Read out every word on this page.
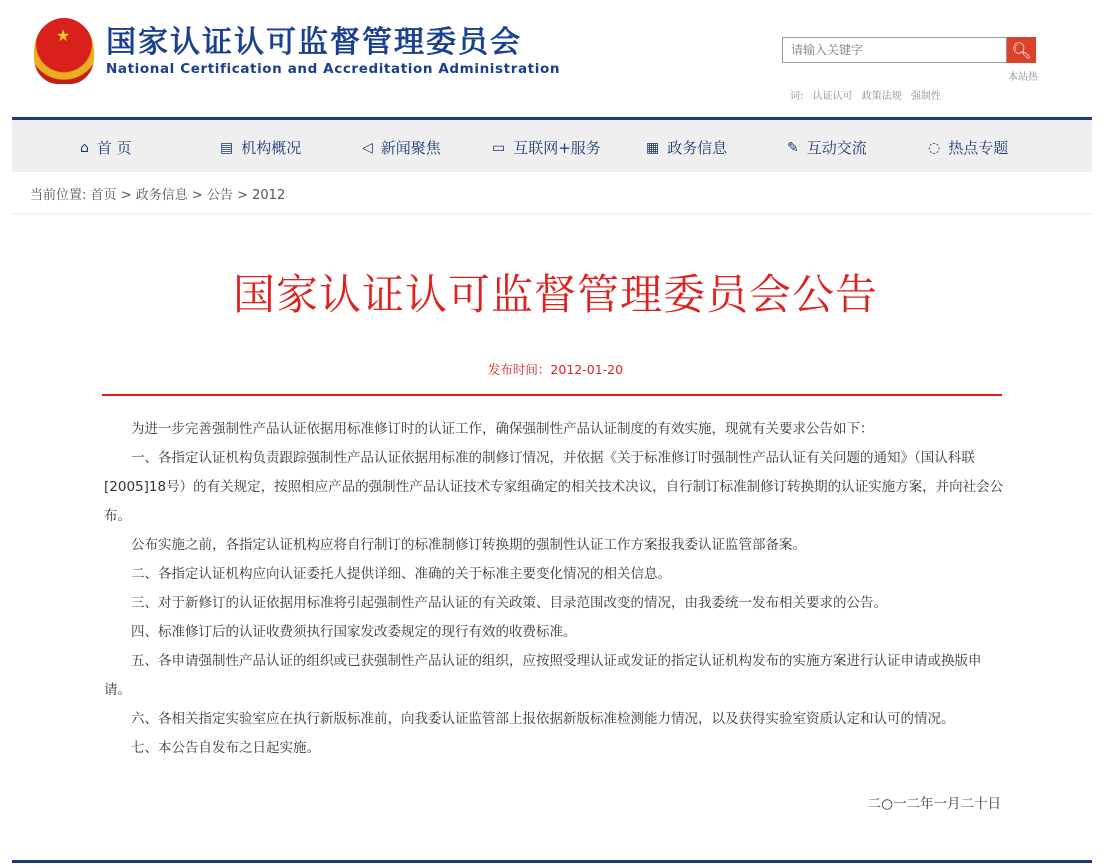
★ 国家认证认可监督管理委员会
National Certification and Accreditation Administration
请输入关键字
🔍︎
本站热
词: 认证认可 政策法规 强制性
⌂ 首 页	▤ 机构概况	◁ 新闻聚焦	▭ 互联网+服务	▦ 政务信息	✎ 互动交流	◌ 热点专题
当前位置: 首页 > 政务信息 > 公告 > 2012
国家认证认可监督管理委员会公告
发布时间：2012-01-20

为进一步完善强制性产品认证依据用标准修订时的认证工作，确保强制性产品认证制度的有效实施，现就有关要求公告如下：

一、各指定认证机构负责跟踪强制性产品认证依据用标准的制修订情况，并依据《关于标准修订时强制性产品认证有关问题的通知》（国认科联[2005]18号）的有关规定，按照相应产品的强制性产品认证技术专家组确定的相关技术决议，自行制订标准制修订转换期的认证实施方案，并向社会公布。

公布实施之前，各指定认证机构应将自行制订的标准制修订转换期的强制性认证工作方案报我委认证监管部备案。

二、各指定认证机构应向认证委托人提供详细、准确的关于标准主要变化情况的相关信息。

三、对于新修订的认证依据用标准将引起强制性产品认证的有关政策、目录范围改变的情况，由我委统一发布相关要求的公告。

四、标准修订后的认证收费须执行国家发改委规定的现行有效的收费标准。

五、各申请强制性产品认证的组织或已获强制性产品认证的组织，应按照受理认证或发证的指定认证机构发布的实施方案进行认证申请或换版申请。

六、各相关指定实验室应在执行新版标准前，向我委认证监管部上报依据新版标准检测能力情况，以及获得实验室资质认定和认可的情况。

七、本公告自发布之日起实施。

二○一二年一月二十日
